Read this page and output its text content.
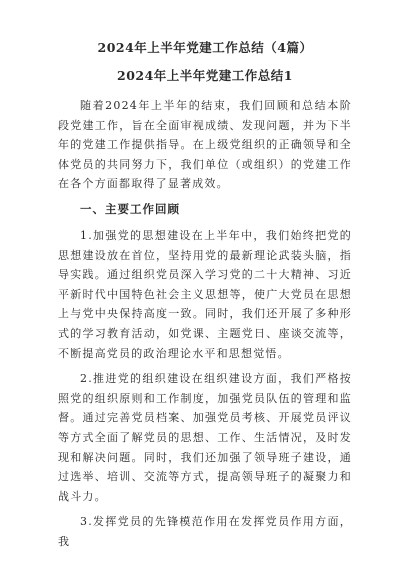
2024年上半年党建工作总结（4篇）
2024年上半年党建工作总结1

随着2024年上半年的结束，我们回顾和总结本阶段党建工作，旨在全面审视成绩、发现问题，并为下半年的党建工作提供指导。在上级党组织的正确领导和全体党员的共同努力下，我们单位（或组织）的党建工作在各个方面都取得了显著成效。

一、主要工作回顾

1.加强党的思想建设在上半年中，我们始终把党的思想建设放在首位，坚持用党的最新理论武装头脑，指导实践。通过组织党员深入学习党的二十大精神、习近平新时代中国特色社会主义思想等，使广大党员在思想上与党中央保持高度一致。同时，我们还开展了多种形式的学习教育活动，如党课、主题党日、座谈交流等，不断提高党员的政治理论水平和思想觉悟。

2.推进党的组织建设在组织建设方面，我们严格按照党的组织原则和工作制度，加强党员队伍的管理和监督。通过完善党员档案、加强党员考核、开展党员评议等方式全面了解党员的思想、工作、生活情况，及时发现和解决问题。同时，我们还加强了领导班子建设，通过选举、培训、交流等方式，提高领导班子的凝聚力和战斗力。

3.发挥党员的先锋模范作用在发挥党员作用方面，我
